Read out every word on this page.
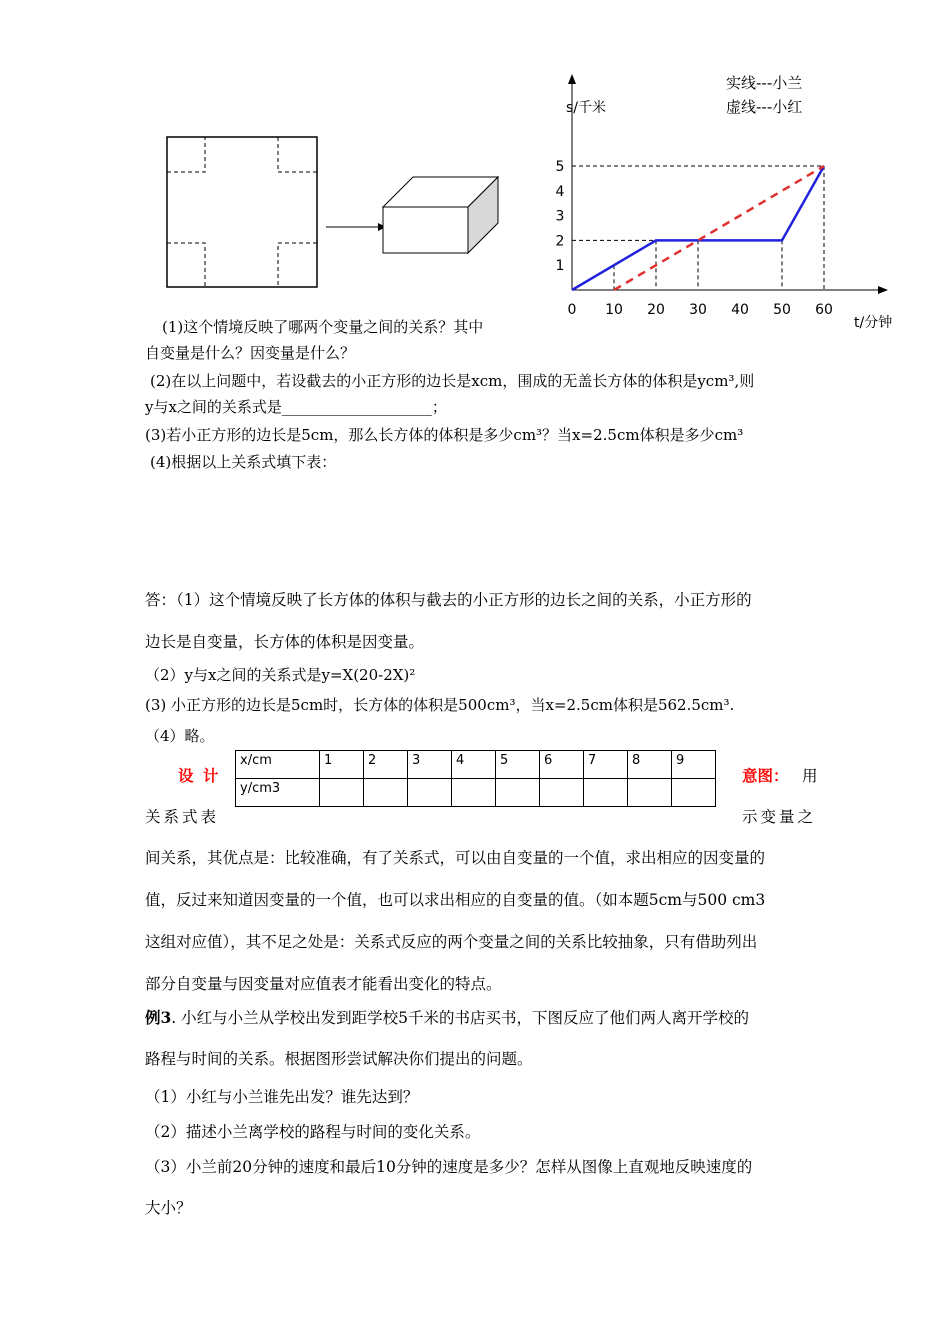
s/千米
t/分钟
实线---小兰
虚线---小红
0 10 20 30 40 50 60
1
2
3
4
5
(1)这个情境反映了哪两个变量之间的关系？其中
自变量是什么？因变量是什么？
(2)在以上问题中，若设截去的小正方形的边长是xcm，围成的无盖长方体的体积是ycm³,则
y与x之间的关系式是____________________；
(3)若小正方形的边长是5cm，那么长方体的体积是多少cm³？当x=2.5cm体积是多少cm³
(4)根据以上关系式填下表：
答：（1）这个情境反映了长方体的体积与截去的小正方形的边长之间的关系，小正方形的
边长是自变量，长方体的体积是因变量。
（2）y与x之间的关系式是y=X(20-2X)²
(3) 小正方形的边长是5cm时，长方体的体积是500cm³，当x=2.5cm体积是562.5cm³.
（4）略。
x/cm	1	2	3	4	5	6	7	8	9
y/cm3									
设 计	意图： 用
关系式表	示变量之
间关系，其优点是：比较准确，有了关系式，可以由自变量的一个值，求出相应的因变量的
值，反过来知道因变量的一个值，也可以求出相应的自变量的值。（如本题5cm与500 cm3
这组对应值），其不足之处是：关系式反应的两个变量之间的关系比较抽象，只有借助列出
部分自变量与因变量对应值表才能看出变化的特点。
例3. 小红与小兰从学校出发到距学校5千米的书店买书，下图反应了他们两人离开学校的
路程与时间的关系。根据图形尝试解决你们提出的问题。
（1）小红与小兰谁先出发？谁先达到？
（2）描述小兰离学校的路程与时间的变化关系。
（3）小兰前20分钟的速度和最后10分钟的速度是多少？怎样从图像上直观地反映速度的
大小？
